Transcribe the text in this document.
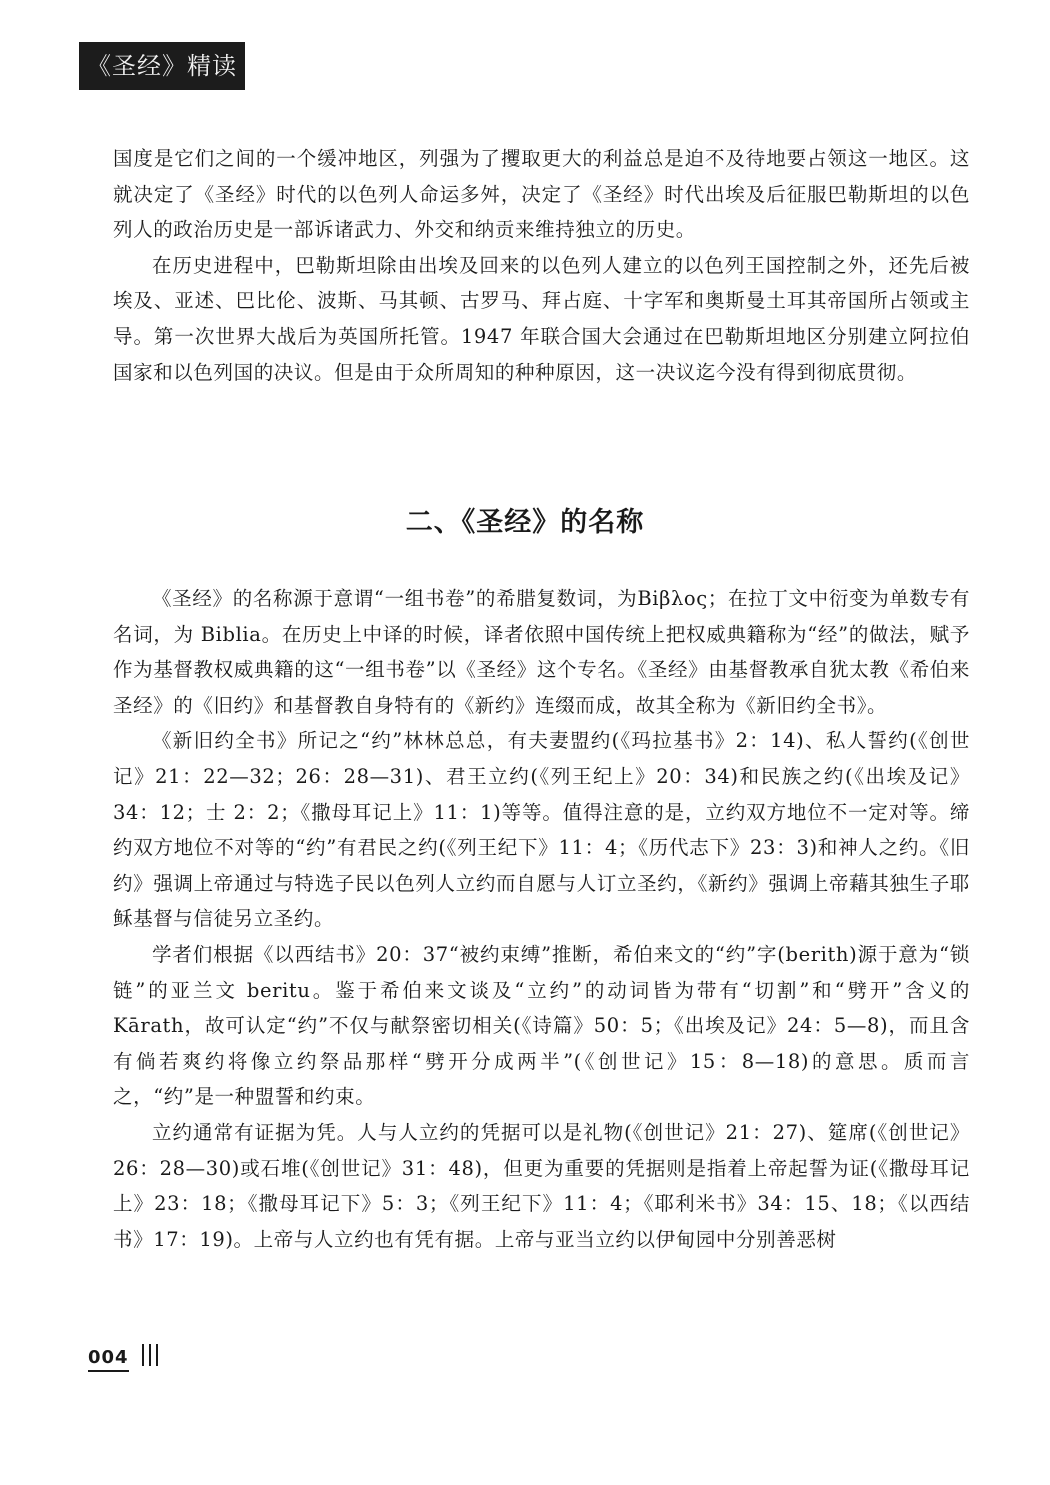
《圣经》精读

国度是它们之间的一个缓冲地区，列强为了攫取更大的利益总是迫不及待地要占领这一地区。这就决定了《圣经》时代的以色列人命运多舛，决定了《圣经》时代出埃及后征服巴勒斯坦的以色列人的政治历史是一部诉诸武力、外交和纳贡来维持独立的历史。

在历史进程中，巴勒斯坦除由出埃及回来的以色列人建立的以色列王国控制之外，还先后被埃及、亚述、巴比伦、波斯、马其顿、古罗马、拜占庭、十字军和奥斯曼土耳其帝国所占领或主导。第一次世界大战后为英国所托管。1947 年联合国大会通过在巴勒斯坦地区分别建立阿拉伯国家和以色列国的决议。但是由于众所周知的种种原因，这一决议迄今没有得到彻底贯彻。

二、《圣经》的名称

《圣经》的名称源于意谓“一组书卷”的希腊复数词，为Biβλoς；在拉丁文中衍变为单数专有名词，为 Biblia。在历史上中译的时候，译者依照中国传统上把权威典籍称为“经”的做法，赋予作为基督教权威典籍的这“一组书卷”以《圣经》这个专名。《圣经》由基督教承自犹太教《希伯来圣经》的《旧约》和基督教自身特有的《新约》连缀而成，故其全称为《新旧约全书》。

《新旧约全书》所记之“约”林林总总，有夫妻盟约(《玛拉基书》2：14)、私人誓约(《创世记》21：22—32；26：28—31)、君王立约(《列王纪上》20：34)和民族之约(《出埃及记》34：12；士 2：2；《撒母耳记上》11：1)等等。值得注意的是，立约双方地位不一定对等。缔约双方地位不对等的“约”有君民之约(《列王纪下》11：4；《历代志下》23：3)和神人之约。《旧约》强调上帝通过与特选子民以色列人立约而自愿与人订立圣约，《新约》强调上帝藉其独生子耶稣基督与信徒另立圣约。

学者们根据《以西结书》20：37“被约束缚”推断，希伯来文的“约”字(berith)源于意为“锁链”的亚兰文 beritu。鉴于希伯来文谈及“立约”的动词皆为带有“切割”和“劈开”含义的 Kārath，故可认定“约”不仅与献祭密切相关(《诗篇》50：5；《出埃及记》24：5—8)，而且含有倘若爽约将像立约祭品那样“劈开分成两半”(《创世记》15：8—18)的意思。质而言之，“约”是一种盟誓和约束。

立约通常有证据为凭。人与人立约的凭据可以是礼物(《创世记》21：27)、筵席(《创世记》26：28—30)或石堆(《创世记》31：48)，但更为重要的凭据则是指着上帝起誓为证(《撒母耳记上》23：18；《撒母耳记下》5：3；《列王纪下》11：4；《耶利米书》34：15、18；《以西结书》17：19)。上帝与人立约也有凭有据。上帝与亚当立约以伊甸园中分别善恶树

004
